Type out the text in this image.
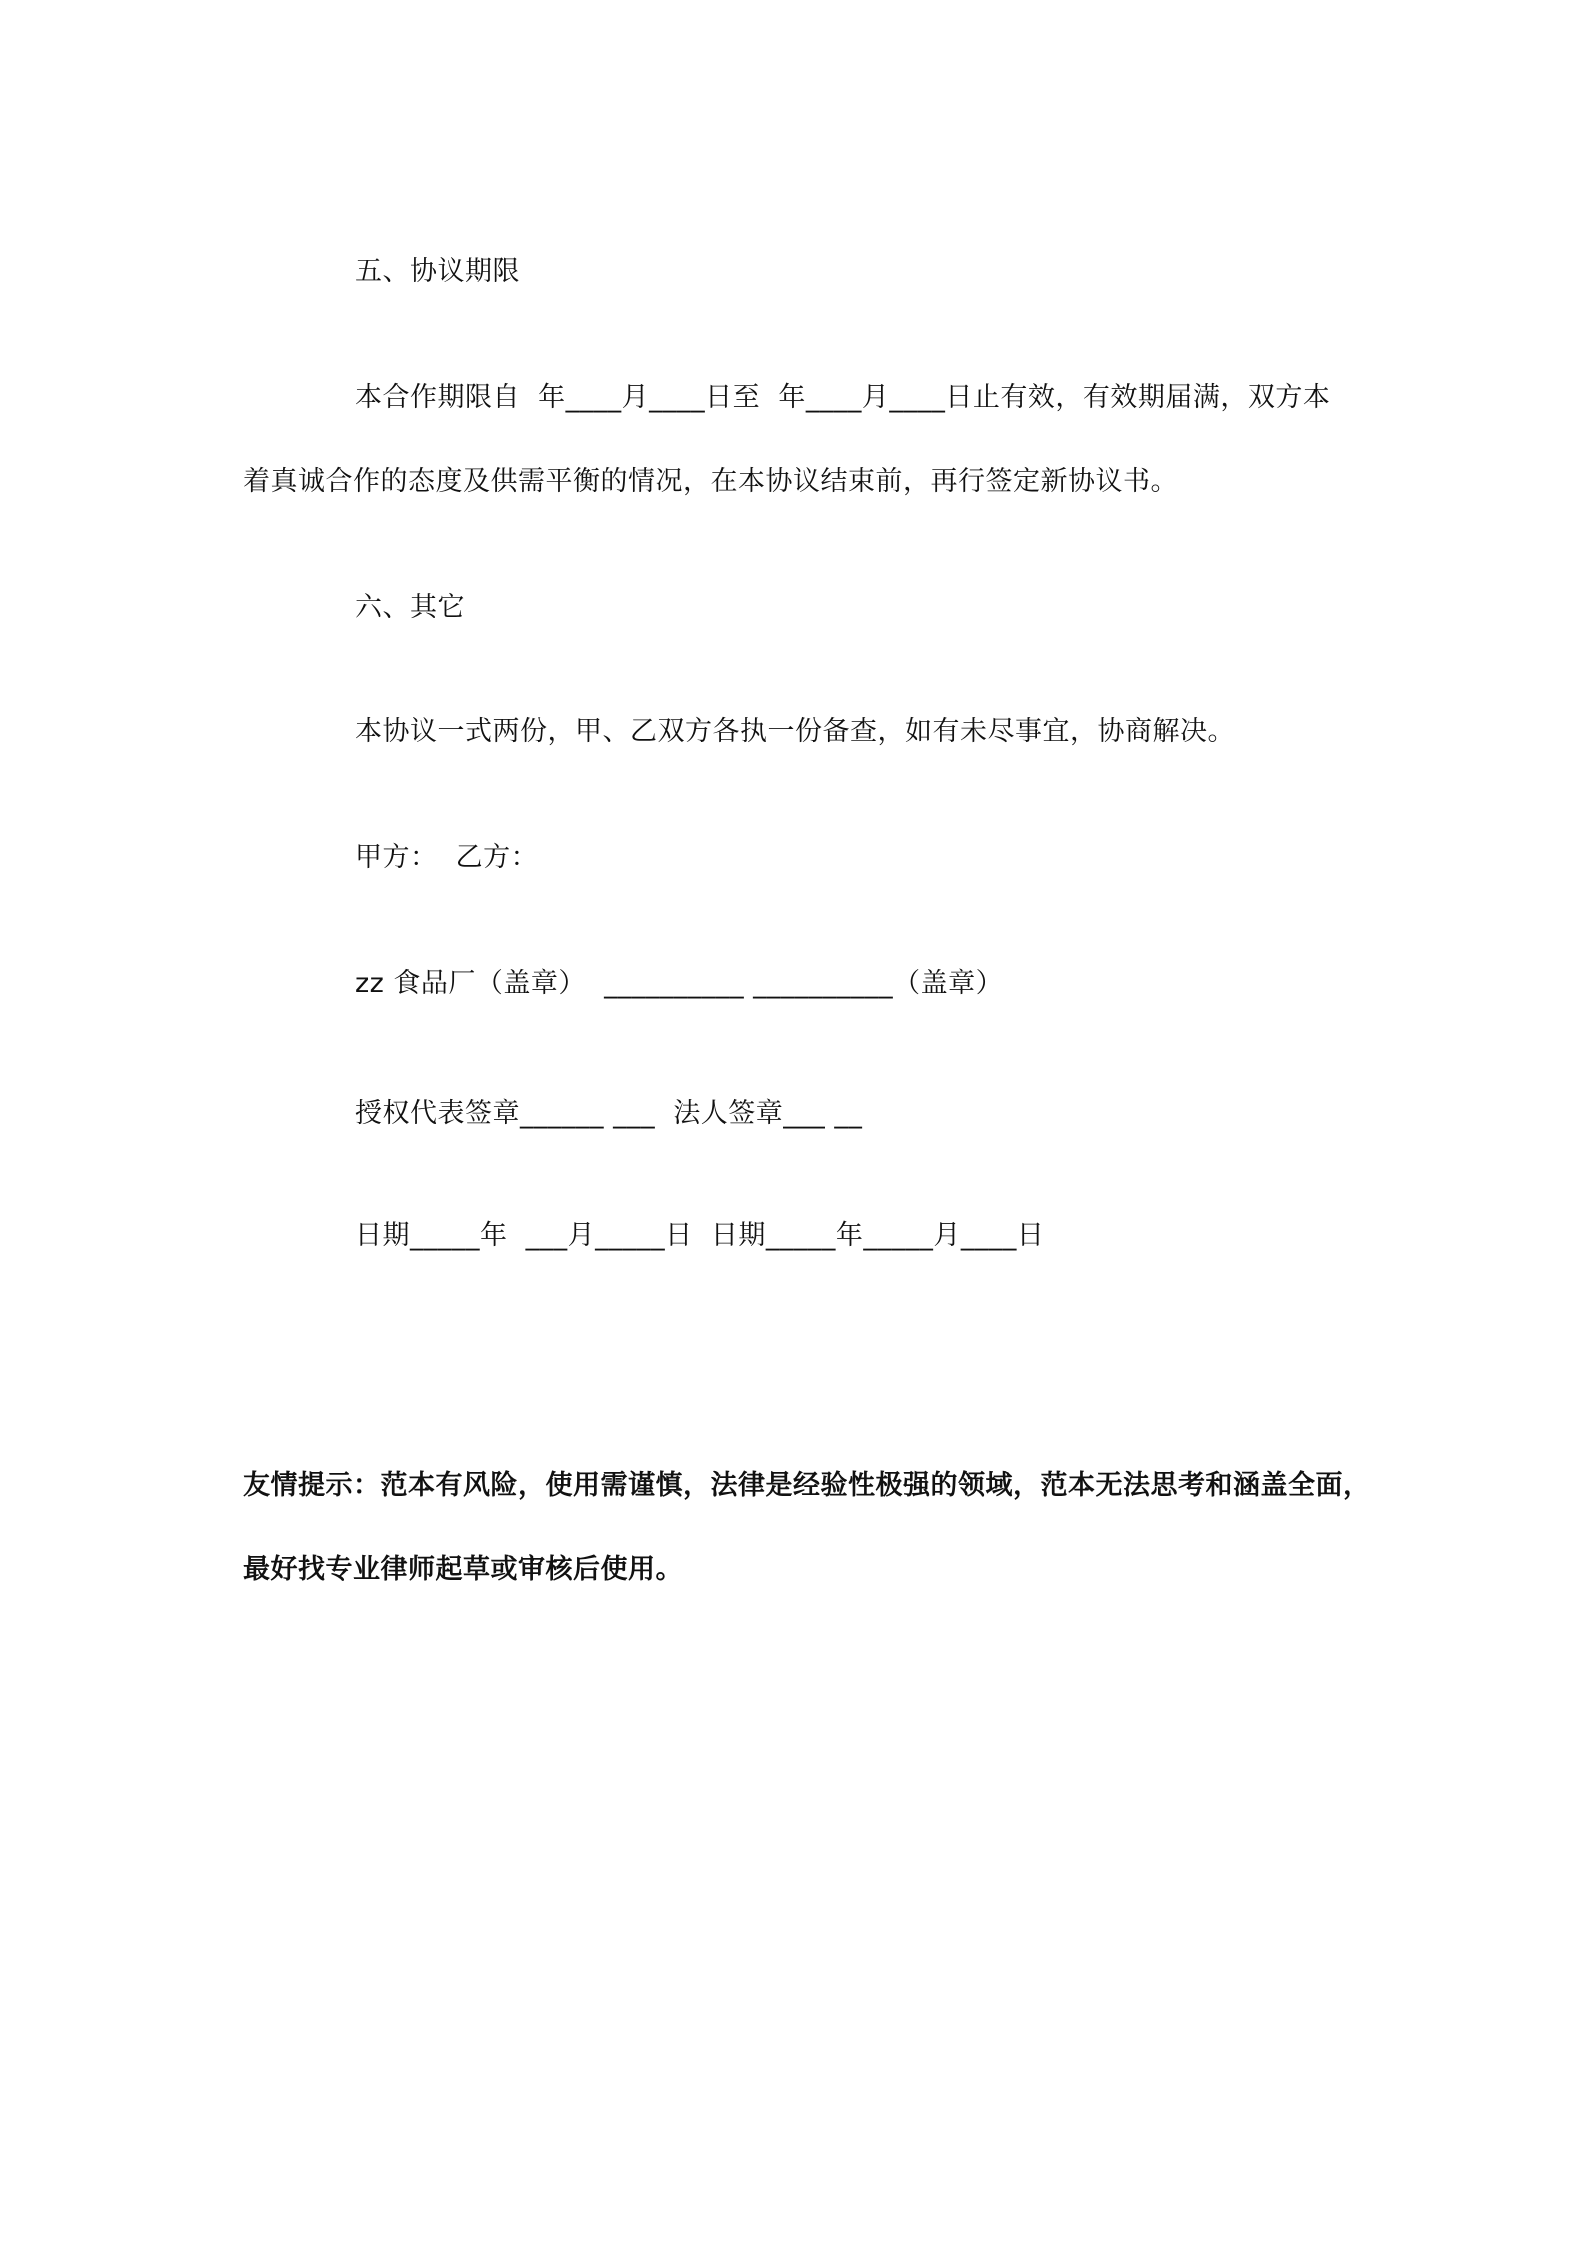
五、协议期限
本合作期限自  年____月____日至  年____月____日止有效，有效期届满，双方本
着真诚合作的态度及供需平衡的情况，在本协议结束前，再行签定新协议书。
六、其它
本协议一式两份，甲、乙双方各执一份备查，如有未尽事宜，协商解决。
甲方：  乙方：
zz 食品厂（盖章）  __________ __________（盖章）
授权代表签章______ ___  法人签章___ __
日期_____年  ___月_____日  日期_____年_____月____日
友情提示：范本有风险，使用需谨慎，法律是经验性极强的领域，范本无法思考和涵盖全面，
最好找专业律师起草或审核后使用。
